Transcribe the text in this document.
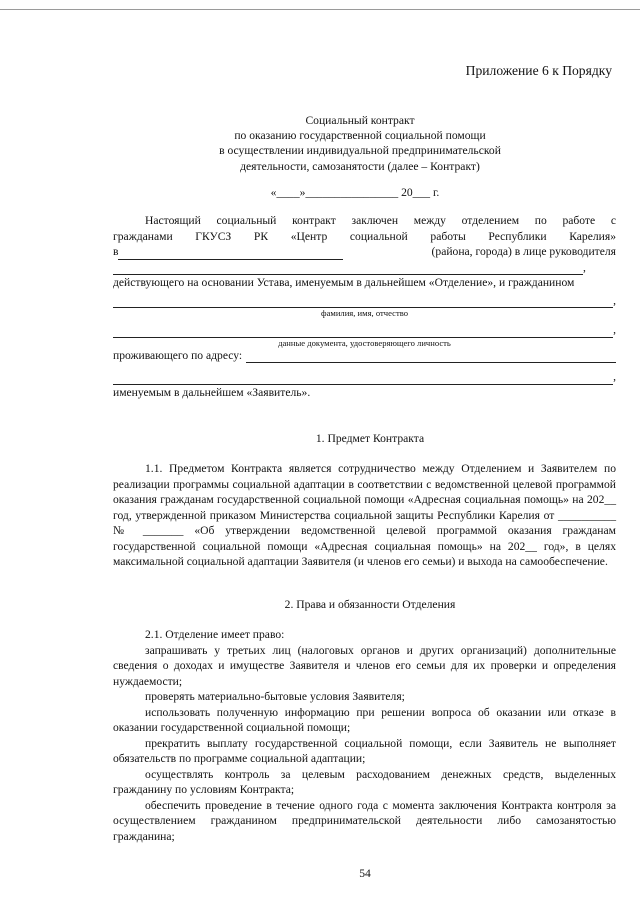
Приложение 6 к Порядку
Социальный контракт
по оказанию государственной социальной помощи
в осуществлении индивидуальной предпринимательской
деятельности, самозанятости (далее – Контракт)
«____»________________ 20___ г.
Настоящий социальный контракт заключен между отделением по работе с
гражданами ГКУСЗ РК «Центр социальной работы Республики Карелия»
в	(района, города) в лице руководителя
,
действующего на основании Устава, именуемым в дальнейшем «Отделение», и гражданином
,
фамилия, имя, отчество
,
данные документа, удостоверяющего личность
проживающего по адресу:
,
именуемым в дальнейшем «Заявитель».
1. Предмет Контракта
1.1. Предметом Контракта является сотрудничество между Отделением и Заявителем по реализации программы социальной адаптации в соответствии с ведомственной целевой программой оказания гражданам государственной социальной помощи «Адресная социальная помощь» на 202__ год, утвержденной приказом Министерства социальной защиты Республики Карелия от __________ № _______ «Об утверждении ведомственной целевой программой оказания гражданам государственной социальной помощи «Адресная социальная помощь» на 202__ год», в целях максимальной социальной адаптации Заявителя (и членов его семьи) и выхода на самообеспечение.
2. Права и обязанности Отделения
2.1. Отделение имеет право:
запрашивать у третьих лиц (налоговых органов и других организаций) дополнительные сведения о доходах и имуществе Заявителя и членов его семьи для их проверки и определения нуждаемости;
проверять материально-бытовые условия Заявителя;
использовать полученную информацию при решении вопроса об оказании или отказе в оказании государственной социальной помощи;
прекратить выплату государственной социальной помощи, если Заявитель не выполняет обязательств по программе социальной адаптации;
осуществлять контроль за целевым расходованием денежных средств, выделенных гражданину по условиям Контракта;
обеспечить проведение в течение одного года с момента заключения Контракта контроля за осуществлением гражданином предпринимательской деятельности либо самозанятостью гражданина;
54
